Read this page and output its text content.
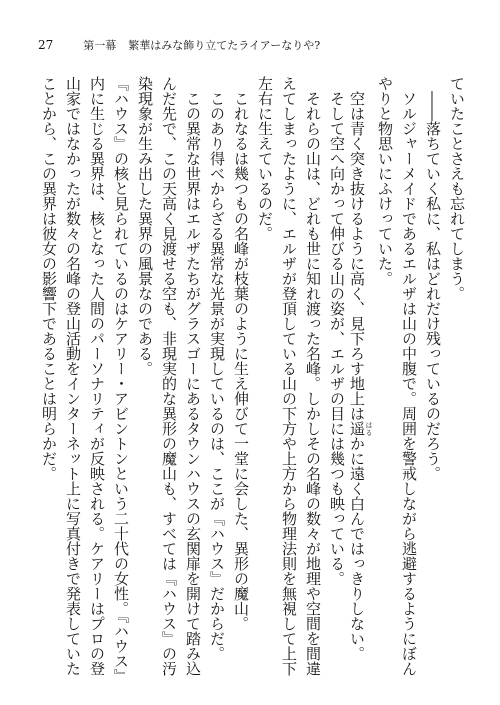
27	第一幕 繁華はみな飾り立てたライアーなりや?
ていたことさえも忘れてしまう。
――落ちていく私に、私はどれだけ残っているのだろう。
ソルジャーメイドであるエルザは山の中腹で。周囲を警戒しながら逃避するようにぼん
やりと物思いにふけっていた。
空は青く突き抜けるように高く、見下ろす地上は遥 はるかに遠く白んではっきりしない。
そして空へ向かって伸びる山の姿が、エルザの目には幾つも映っている。
それらの山は、どれも世に知れ渡った名峰。しかしその名峰の数々が地理や空間を間違
えてしまったように、エルザが登頂している山の下方や上方から物理法則を無視して上下
左右に生えているのだ。
これなるは幾つもの名峰が枝葉のように生え伸びて一堂に会した、異形の魔山。
このあり得べからざる異常な光景が実現しているのは、ここが『ハウス』だからだ。
この異常な世界はエルザたちがグラスゴーにあるタウンハウスの玄関扉を開けて踏み込
んだ先で、この天高く見渡せる空も、非現実的な異形の魔山も、すべては『ハウス』の汚
染現象が生み出した異界の風景なのである。
『ハウス』の核と見られているのはケアリー・アビントンという二十代の女性。『ハウス』
内に生じる異界は、核となった人間のパーソナリティが反映される。ケアリーはプロの登
山家ではなかったが数々の名峰の登山活動をインターネット上に写真付きで発表していた
ことから、この異界は彼女の影響下であることは明らかだ。
